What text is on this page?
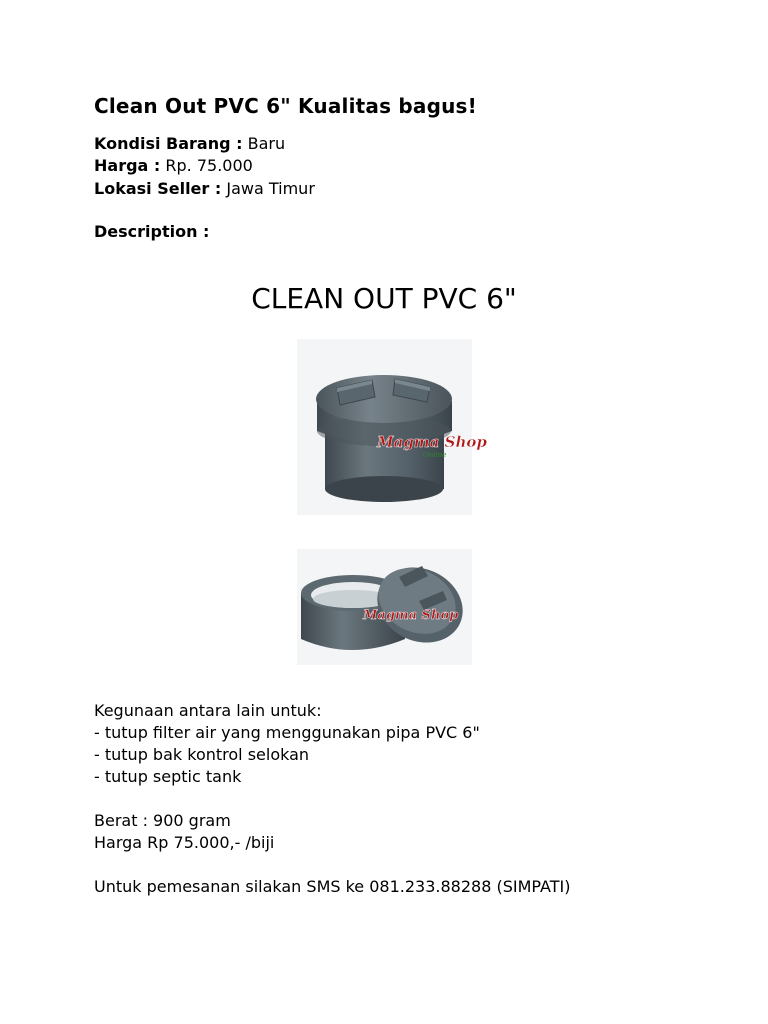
Clean Out PVC 6" Kualitas bagus!
Kondisi Barang : Baru
Harga : Rp. 75.000
Lokasi Seller : Jawa Timur
Description :
CLEAN OUT PVC 6"
Magma Shop
Online
Magma Shop
Kegunaan antara lain untuk:
- tutup filter air yang menggunakan pipa PVC 6"
- tutup bak kontrol selokan
- tutup septic tank
Berat : 900 gram
Harga Rp 75.000,- /biji
Untuk pemesanan silakan SMS ke 081.233.88288 (SIMPATI)
